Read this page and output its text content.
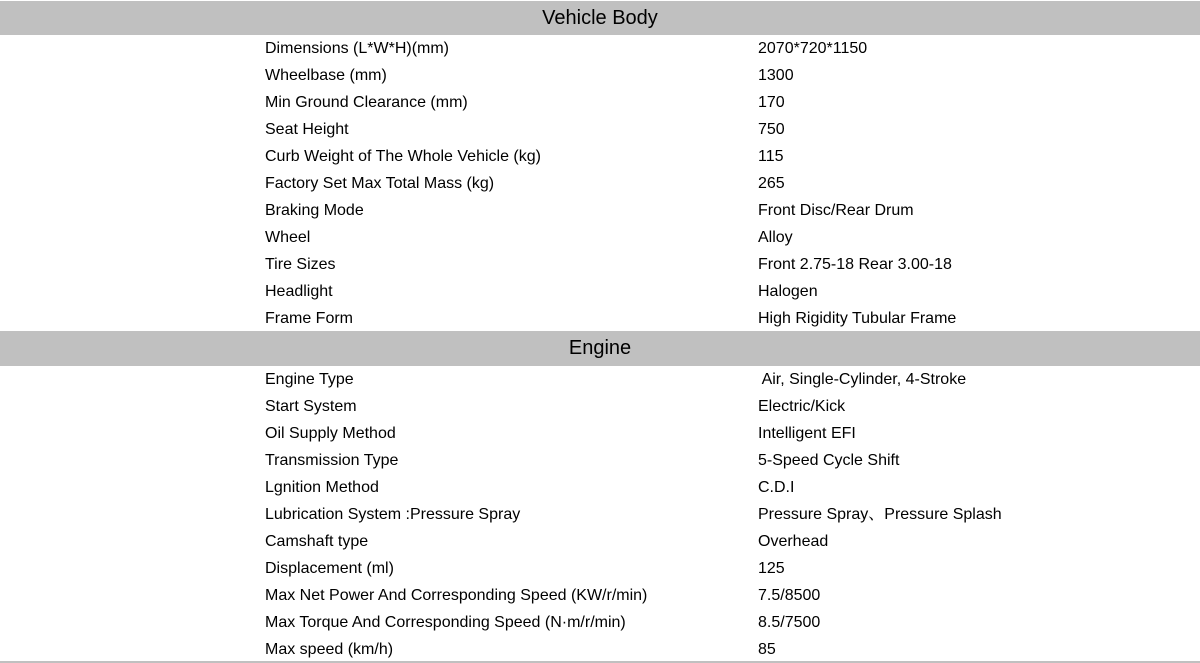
Vehicle Body
Dimensions (L*W*H)(mm)	2070*720*1150
Wheelbase (mm)	1300
Min Ground Clearance (mm)	170
Seat Height	750
Curb Weight of The Whole Vehicle (kg)	115
Factory Set Max Total Mass (kg)	265
Braking Mode	Front Disc/Rear Drum
Wheel	Alloy
Tire Sizes	Front 2.75-18 Rear 3.00-18
Headlight	Halogen
Frame Form	High Rigidity Tubular Frame
Engine
Engine Type	Air, Single-Cylinder, 4-Stroke
Start System	Electric/Kick
Oil Supply Method	Intelligent EFI
Transmission Type	5-Speed Cycle Shift
Lgnition Method	C.D.I
Lubrication System :Pressure Spray	Pressure Spray、Pressure Splash
Camshaft type	Overhead
Displacement (ml)	125
Max Net Power And Corresponding Speed (KW/r/min)	7.5/8500
Max Torque And Corresponding Speed (N·m/r/min)	8.5/7500
Max speed (km/h)	85
